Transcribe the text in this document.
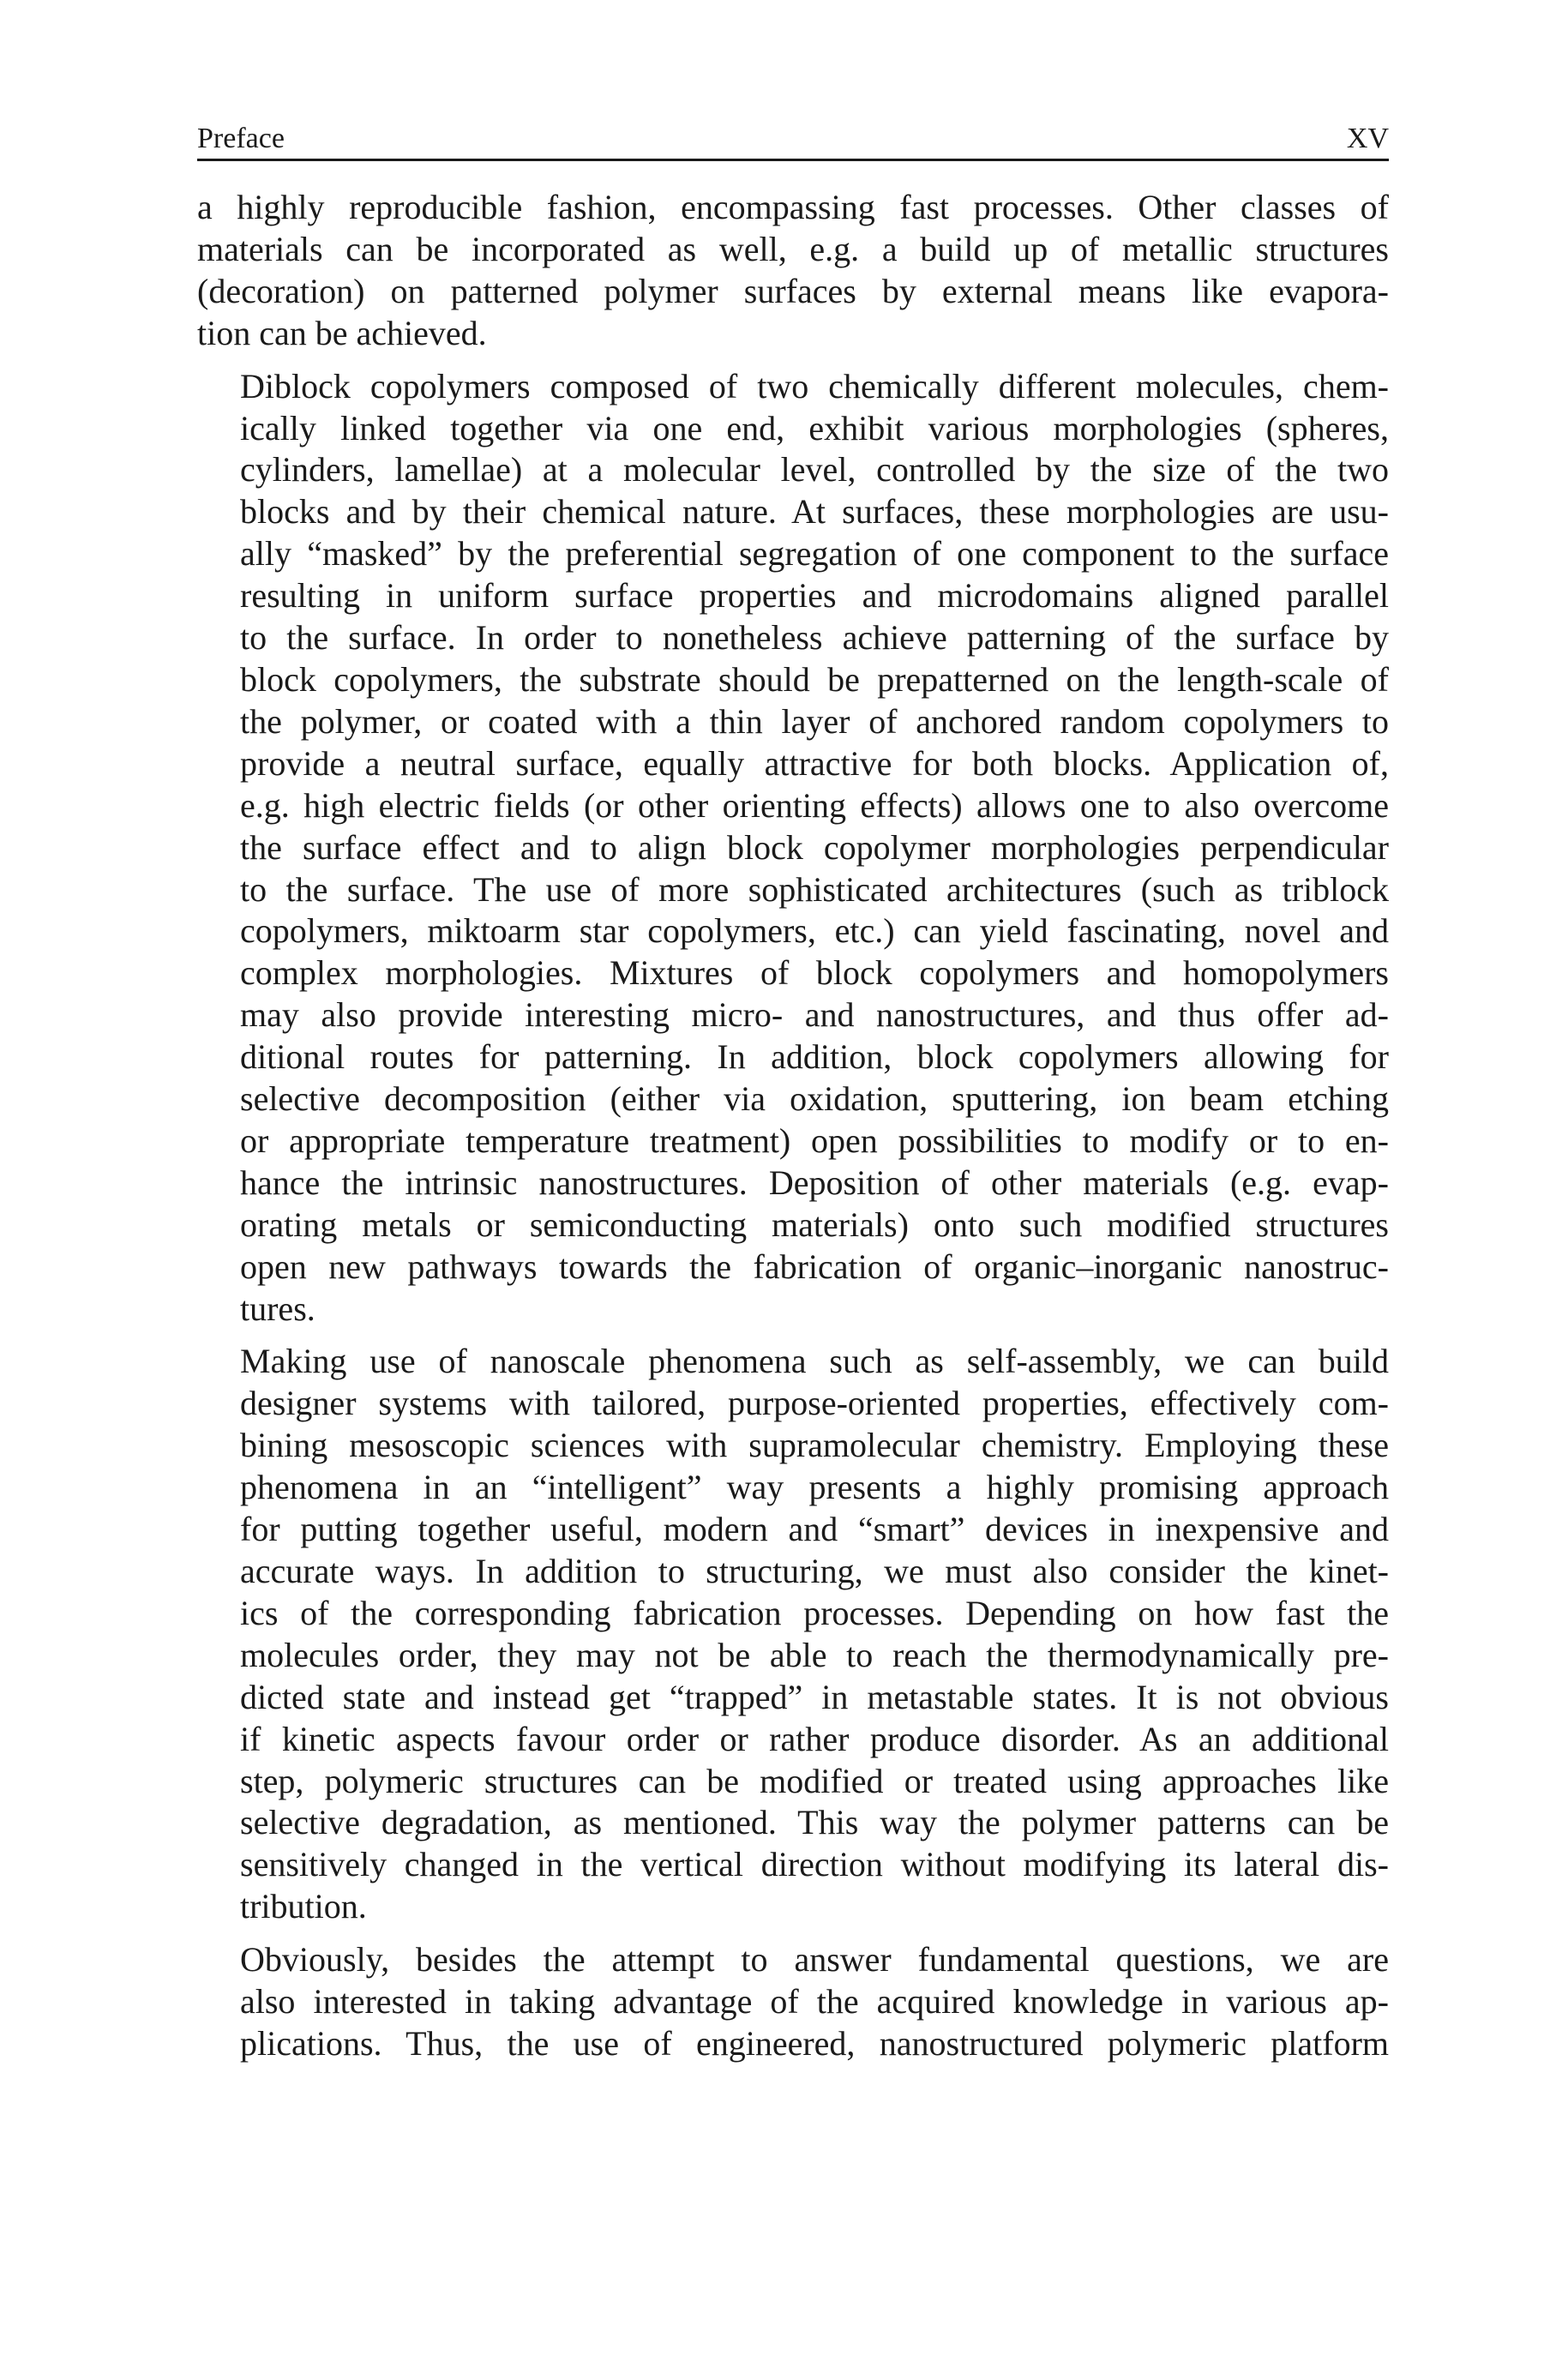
Preface	XV

a highly reproducible fashion, encompassing fast processes. Other classes of
materials can be incorporated as well, e.g. a build up of metallic structures
(decoration) on patterned polymer surfaces by external means like evapora-
tion can be achieved.

Diblock copolymers composed of two chemically different molecules, chem-
ically linked together via one end, exhibit various morphologies (spheres,
cylinders, lamellae) at a molecular level, controlled by the size of the two
blocks and by their chemical nature. At surfaces, these morphologies are usu-
ally “masked” by the preferential segregation of one component to the surface
resulting in uniform surface properties and microdomains aligned parallel
to the surface. In order to nonetheless achieve patterning of the surface by
block copolymers, the substrate should be prepatterned on the length-scale of
the polymer, or coated with a thin layer of anchored random copolymers to
provide a neutral surface, equally attractive for both blocks. Application of,
e.g. high electric fields (or other orienting effects) allows one to also overcome
the surface effect and to align block copolymer morphologies perpendicular
to the surface. The use of more sophisticated architectures (such as triblock
copolymers, miktoarm star copolymers, etc.) can yield fascinating, novel and
complex morphologies. Mixtures of block copolymers and homopolymers
may also provide interesting micro- and nanostructures, and thus offer ad-
ditional routes for patterning. In addition, block copolymers allowing for
selective decomposition (either via oxidation, sputtering, ion beam etching
or appropriate temperature treatment) open possibilities to modify or to en-
hance the intrinsic nanostructures. Deposition of other materials (e.g. evap-
orating metals or semiconducting materials) onto such modified structures
open new pathways towards the fabrication of organic–inorganic nanostruc-
tures.

Making use of nanoscale phenomena such as self-assembly, we can build
designer systems with tailored, purpose-oriented properties, effectively com-
bining mesoscopic sciences with supramolecular chemistry. Employing these
phenomena in an “intelligent” way presents a highly promising approach
for putting together useful, modern and “smart” devices in inexpensive and
accurate ways. In addition to structuring, we must also consider the kinet-
ics of the corresponding fabrication processes. Depending on how fast the
molecules order, they may not be able to reach the thermodynamically pre-
dicted state and instead get “trapped” in metastable states. It is not obvious
if kinetic aspects favour order or rather produce disorder. As an additional
step, polymeric structures can be modified or treated using approaches like
selective degradation, as mentioned. This way the polymer patterns can be
sensitively changed in the vertical direction without modifying its lateral dis-
tribution.

Obviously, besides the attempt to answer fundamental questions, we are
also interested in taking advantage of the acquired knowledge in various ap-
plications. Thus, the use of engineered, nanostructured polymeric platform
